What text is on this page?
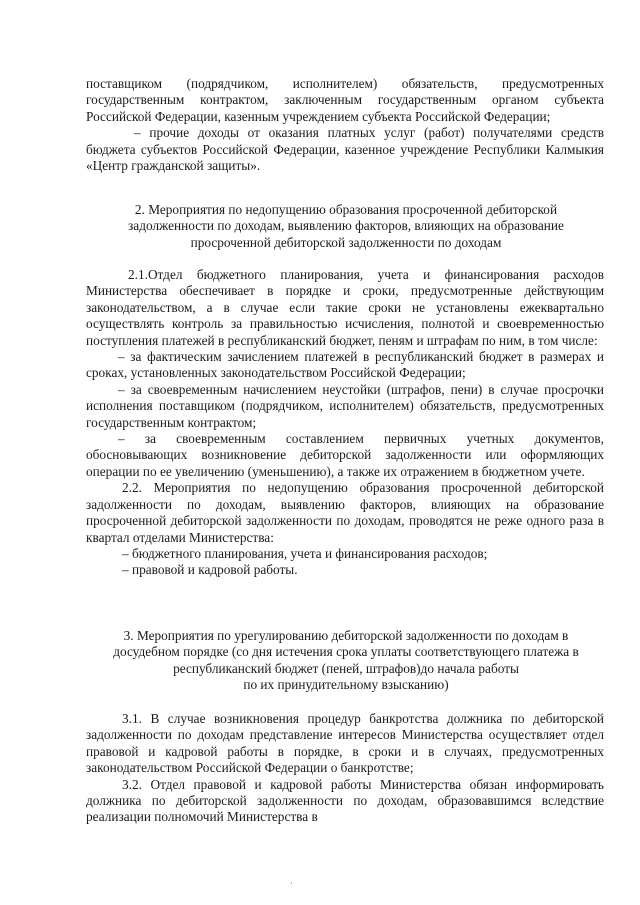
поставщиком (подрядчиком, исполнителем) обязательств, предусмотренных государственным контрактом, заключенным государственным органом субъекта Российской Федерации, казенным учреждением субъекта Российской Федерации;

– прочие доходы от оказания платных услуг (работ) получателями средств бюджета субъектов Российской Федерации, казенное учреждение Республики Калмыкия «Центр гражданской защиты».

2. Мероприятия по недопущению образования просроченной дебиторской задолженности по доходам, выявлению факторов, влияющих на образование просроченной дебиторской задолженности по доходам

2.1.Отдел бюджетного планирования, учета и финансирования расходов Министерства обеспечивает в порядке и сроки, предусмотренные действующим законодательством, а в случае если такие сроки не установлены ежеквартально осуществлять контроль за правильностью исчисления, полнотой и своевременностью поступления платежей в республиканский бюджет, пеням и штрафам по ним, в том числе:

– за фактическим зачислением платежей в республиканский бюджет в размерах и сроках, установленных законодательством Российской Федерации;

– за своевременным начислением неустойки (штрафов, пени) в случае просрочки исполнения поставщиком (подрядчиком, исполнителем) обязательств, предусмотренных государственным контрактом;

– за своевременным составлением первичных учетных документов, обосновывающих возникновение дебиторской задолженности или оформляющих операции по ее увеличению (уменьшению), а также их отражением в бюджетном учете.

2.2. Мероприятия по недопущению образования просроченной дебиторской задолженности по доходам, выявлению факторов, влияющих на образование просроченной дебиторской задолженности по доходам, проводятся не реже одного раза в квартал отделами Министерства:

– бюджетного планирования, учета и финансирования расходов;

– правовой и кадровой работы.

3. Мероприятия по урегулированию дебиторской задолженности по доходам в

досудебном порядке (со дня истечения срока уплаты соответствующего платежа в

республиканский бюджет (пеней, штрафов)до начала работы

по их принудительному взысканию)

3.1. В случае возникновения процедур банкротства должника по дебиторской задолженности по доходам представление интересов Министерства осуществляет отдел правовой и кадровой работы в порядке, в сроки и в случаях, предусмотренных законодательством Российской Федерации о банкротстве;

3.2. Отдел правовой и кадровой работы Министерства обязан информировать должника по дебиторской задолженности по доходам, образовавшимся вследствие реализации полномочий Министерства в

·
